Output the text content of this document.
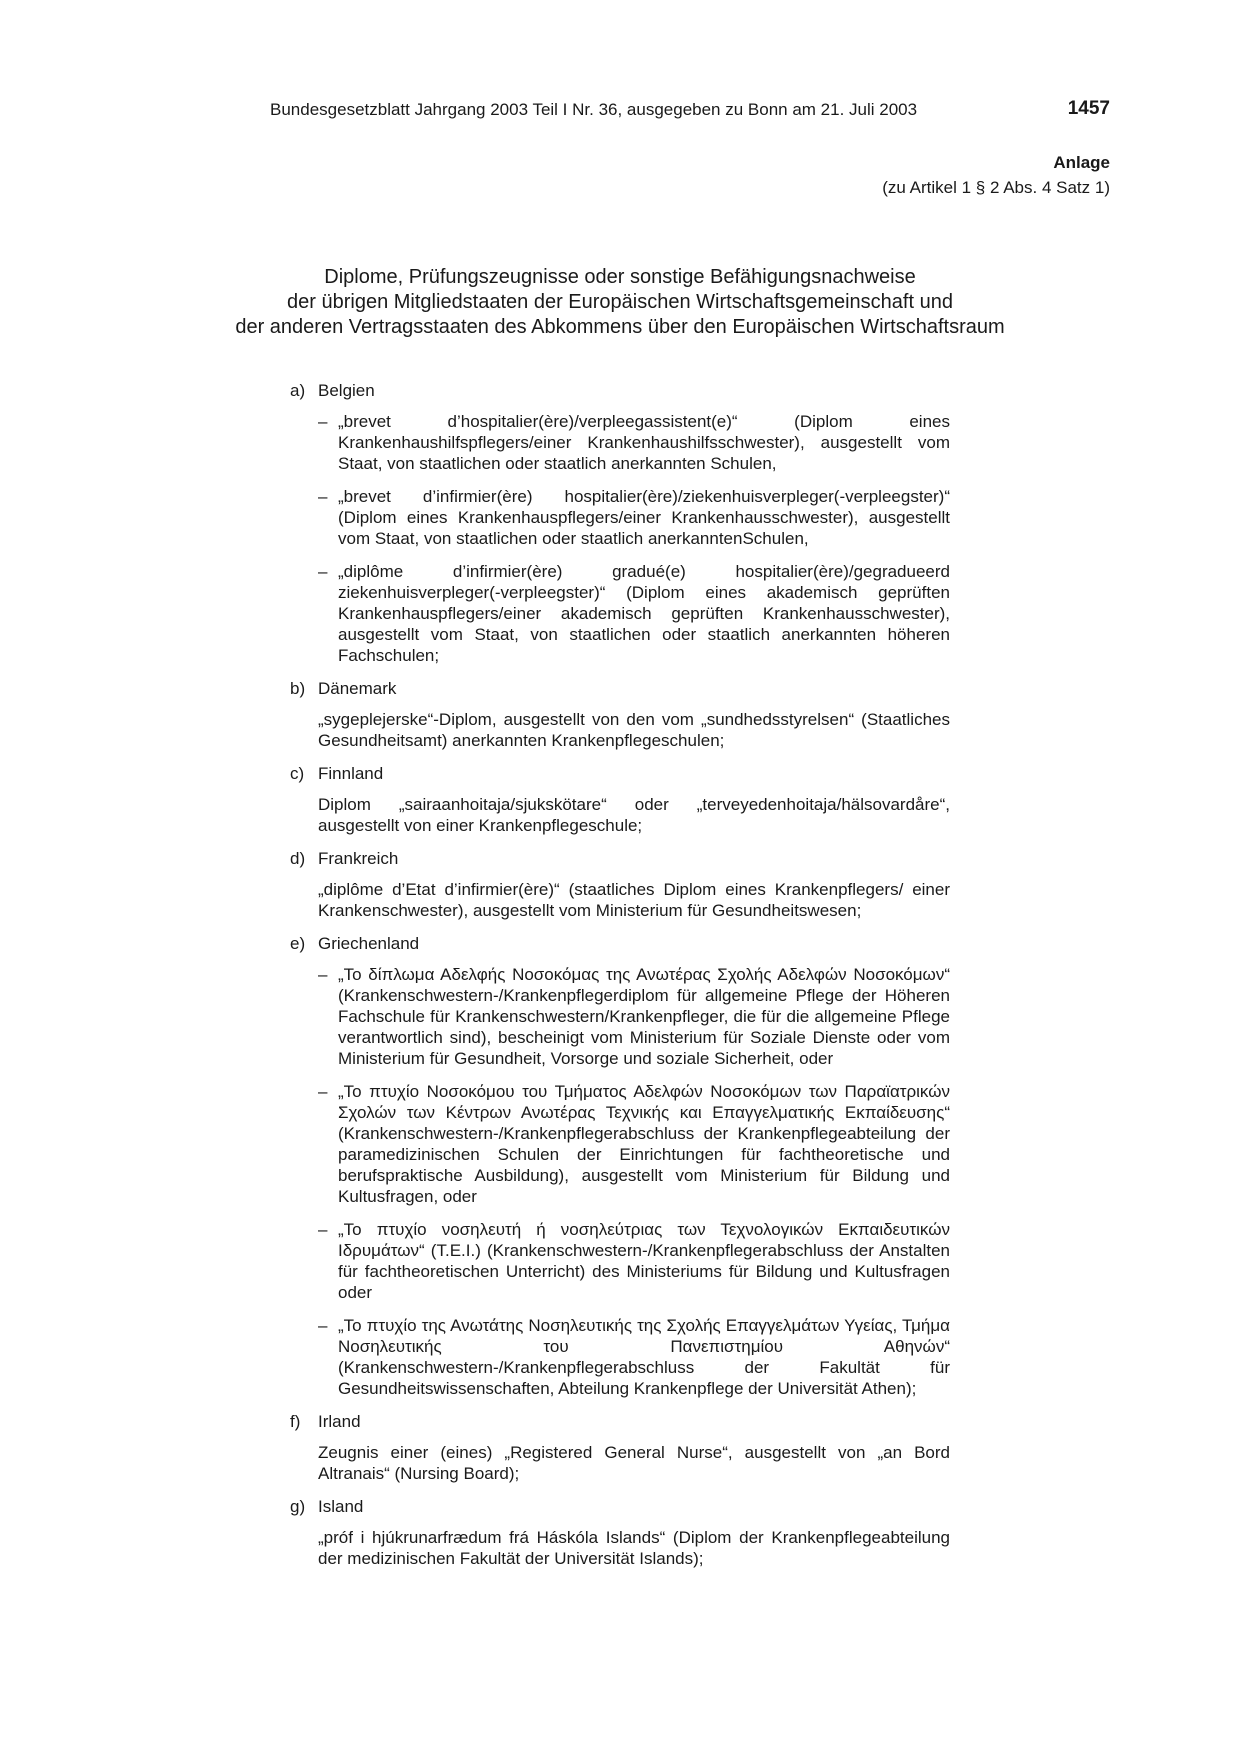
Bundesgesetzblatt Jahrgang 2003 Teil I Nr. 36, ausgegeben zu Bonn am 21. Juli 2003	1457
Anlage
(zu Artikel 1 § 2 Abs. 4 Satz 1)
Diplome, Prüfungszeugnisse oder sonstige Befähigungsnachweise
der übrigen Mitgliedstaaten der Europäischen Wirtschaftsgemeinschaft und
der anderen Vertragsstaaten des Abkommens über den Europäischen Wirtschaftsraum
a) Belgien
– „brevet d’hospitalier(ère)/verpleegassistent(e)“ (Diplom eines Krankenhaushilfspflegers/einer Krankenhaushilfsschwester), ausgestellt vom Staat, von staatlichen oder staatlich anerkannten Schulen,
– „brevet d’infirmier(ère) hospitalier(ère)/ziekenhuisverpleger(-verpleegster)“ (Diplom eines Krankenhauspflegers/einer Krankenhausschwester), ausgestellt vom Staat, von staatlichen oder staatlich anerkanntenSchulen,
– „diplôme d’infirmier(ère) gradué(e) hospitalier(ère)/gegradueerd ziekenhuisverpleger(-verpleegster)“ (Diplom eines akademisch geprüften Krankenhauspflegers/einer akademisch geprüften Krankenhausschwester), ausgestellt vom Staat, von staatlichen oder staatlich anerkannten höheren Fachschulen;
b) Dänemark
„sygeplejerske“-Diplom, ausgestellt von den vom „sundhedsstyrelsen“ (Staatliches Gesundheitsamt) anerkannten Krankenpflegeschulen;
c) Finnland
Diplom „sairaanhoitaja/sjukskötare“ oder „terveyedenhoitaja/hälsovardåre“, ausgestellt von einer Krankenpflegeschule;
d) Frankreich
„diplôme d’Etat d’infirmier(ère)“ (staatliches Diplom eines Krankenpflegers/ einer Krankenschwester), ausgestellt vom Ministerium für Gesundheitswesen;
e) Griechenland
– „Το δίπλωμα Αδελφής Νοσοκόμας της Ανωτέρας Σχολής Αδελφών Νοσοκόμων“ (Krankenschwestern-/Krankenpflegerdiplom für allgemeine Pflege der Höheren Fachschule für Krankenschwestern/Krankenpfleger, die für die allgemeine Pflege verantwortlich sind), bescheinigt vom Ministerium für Soziale Dienste oder vom Ministerium für Gesundheit, Vorsorge und soziale Sicherheit, oder
– „Το πτυχίο Νοσοκόμου του Τμήματος Αδελφών Νοσοκόμων των Παραϊατρικών Σχολών των Κέντρων Ανωτέρας Τεχνικής και Επαγγελματικής Εκπαίδευσης“ (Krankenschwestern-/Krankenpflegerabschluss der Krankenpflegeabteilung der paramedizinischen Schulen der Einrichtungen für fachtheoretische und berufspraktische Ausbildung), ausgestellt vom Ministerium für Bildung und Kultusfragen, oder
– „Το πτυχίο νοσηλευτή ή νοσηλεύτριας των Τεχνολογικών Εκπαιδευτικών Ιδρυμάτων“ (T.E.I.) (Krankenschwestern-/Krankenpflegerabschluss der Anstalten für fachtheoretischen Unterricht) des Ministeriums für Bildung und Kultusfragen oder
– „Το πτυχίο της Ανωτάτης Νοσηλευτικής της Σχολής Επαγγελμάτων Υγείας, Τμήμα Νοσηλευτικής του Πανεπιστημίου Αθηνών“ (Krankenschwestern-/Krankenpflegerabschluss der Fakultät für Gesundheitswissenschaften, Abteilung Krankenpflege der Universität Athen);
f) Irland
Zeugnis einer (eines) „Registered General Nurse“, ausgestellt von „an Bord Altranais“ (Nursing Board);
g) Island
„próf i hjúkrunarfrædum frá Háskóla Islands“ (Diplom der Krankenpflegeabteilung der medizinischen Fakultät der Universität Islands);
